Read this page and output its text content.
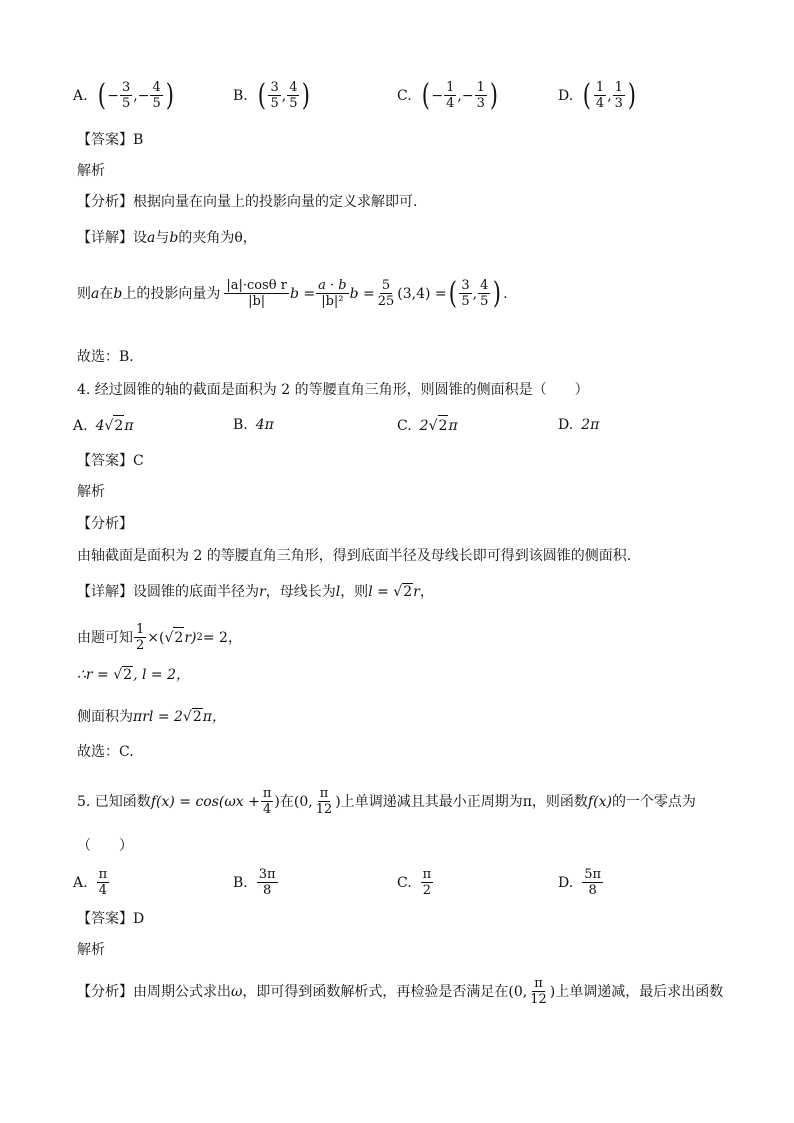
A. ( − $\frac{3}{5}$ ,− $\frac{4}{5}$ )	B. ( $\frac{3}{5}$ , $\frac{4}{5}$ )	C. ( − $\frac{1}{4}$ ,− $\frac{1}{3}$ )	D. ( $\frac{1}{4}$ , $\frac{1}{3}$ )
【答案】B
解析
【分析】根据向量在向量上的投影向量的定义求解即可.
【详解】设a与b的夹角为θ，
则 a 在 b 上的投影向量为 $\frac{\text{|a|·cosθ r}}{|b|}$ $b = \frac{a \cdot b}{\text{|b|²}}$ $b = \frac{5}{25} (3,4)$ = ( $\frac{3}{5}$ , $\frac{4}{5}$ ) .
故选：B.
4. 经过圆锥的轴的截面是面积为 2 的等腰直角三角形，则圆锥的侧面积是（　　）
A. 4 √ 2 π	B. 4π	C. 2 √ 2 π	D. 2π
【答案】C
解析
【分析】
由轴截面是面积为 2 的等腰直角三角形，得到底面半径及母线长即可得到该圆锥的侧面积.
【详解】设圆锥的底面半径为r，母线长为l，则l = √2r，
由题可知 $\frac{1}{2}$ ×( √ 2 r) 2 = 2，
∴r = √2, l = 2，
侧面积为πrl = 2√2π，
故选：C.
5. 已知函数 $f(x) = \cos(\omega x + \frac{\pi}{4}$ ) 在 (0, $\frac{\pi}{12}$ ) 上单调递减且其最小正周期为π，则函数 f(x) 的一个零点为
（　　）
A. $\frac{\pi}{4}$	B. $\frac{3\pi}{8}$	C. $\frac{\pi}{2}$	D. $\frac{5\pi}{8}$
【答案】D
解析
【分析】由周期公式求出 ω ，即可得到函数解析式，再检验是否满足在 (0, $\frac{\pi}{12}$ ) 上单调递减，最后求出函数
